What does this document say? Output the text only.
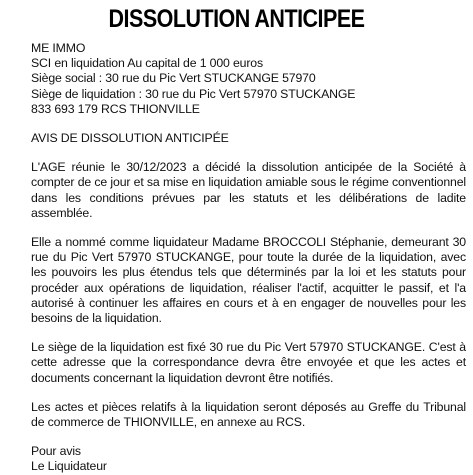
DISSOLUTION ANTICIPEE
ME IMMO
SCI en liquidation Au capital de 1 000 euros
Siège social : 30 rue du Pic Vert STUCKANGE 57970
Siège de liquidation : 30 rue du Pic Vert 57970 STUCKANGE
833 693 179 RCS THIONVILLE

AVIS DE DISSOLUTION ANTICIPÉE

L'AGE réunie le 30/12/2023 a décidé la dissolution anticipée de la Société à compter de ce jour et sa mise en liquidation amiable sous le régime conventionnel dans les conditions prévues par les statuts et les délibérations de ladite assemblée.

Elle a nommé comme liquidateur Madame BROCCOLI Stéphanie, demeurant 30 rue du Pic Vert 57970 STUCKANGE, pour toute la durée de la liquidation, avec les pouvoirs les plus étendus tels que déterminés par la loi et les statuts pour procéder aux opérations de liquidation, réaliser l'actif, acquitter le passif, et l'a autorisé à continuer les affaires en cours et à en engager de nouvelles pour les besoins de la liquidation.

Le siège de la liquidation est fixé 30 rue du Pic Vert 57970 STUCKANGE. C'est à cette adresse que la correspondance devra être envoyée et que les actes et documents concernant la liquidation devront être notifiés.

Les actes et pièces relatifs à la liquidation seront déposés au Greffe du Tribunal de commerce de THIONVILLE, en annexe au RCS.

Pour avis
Le Liquidateur
